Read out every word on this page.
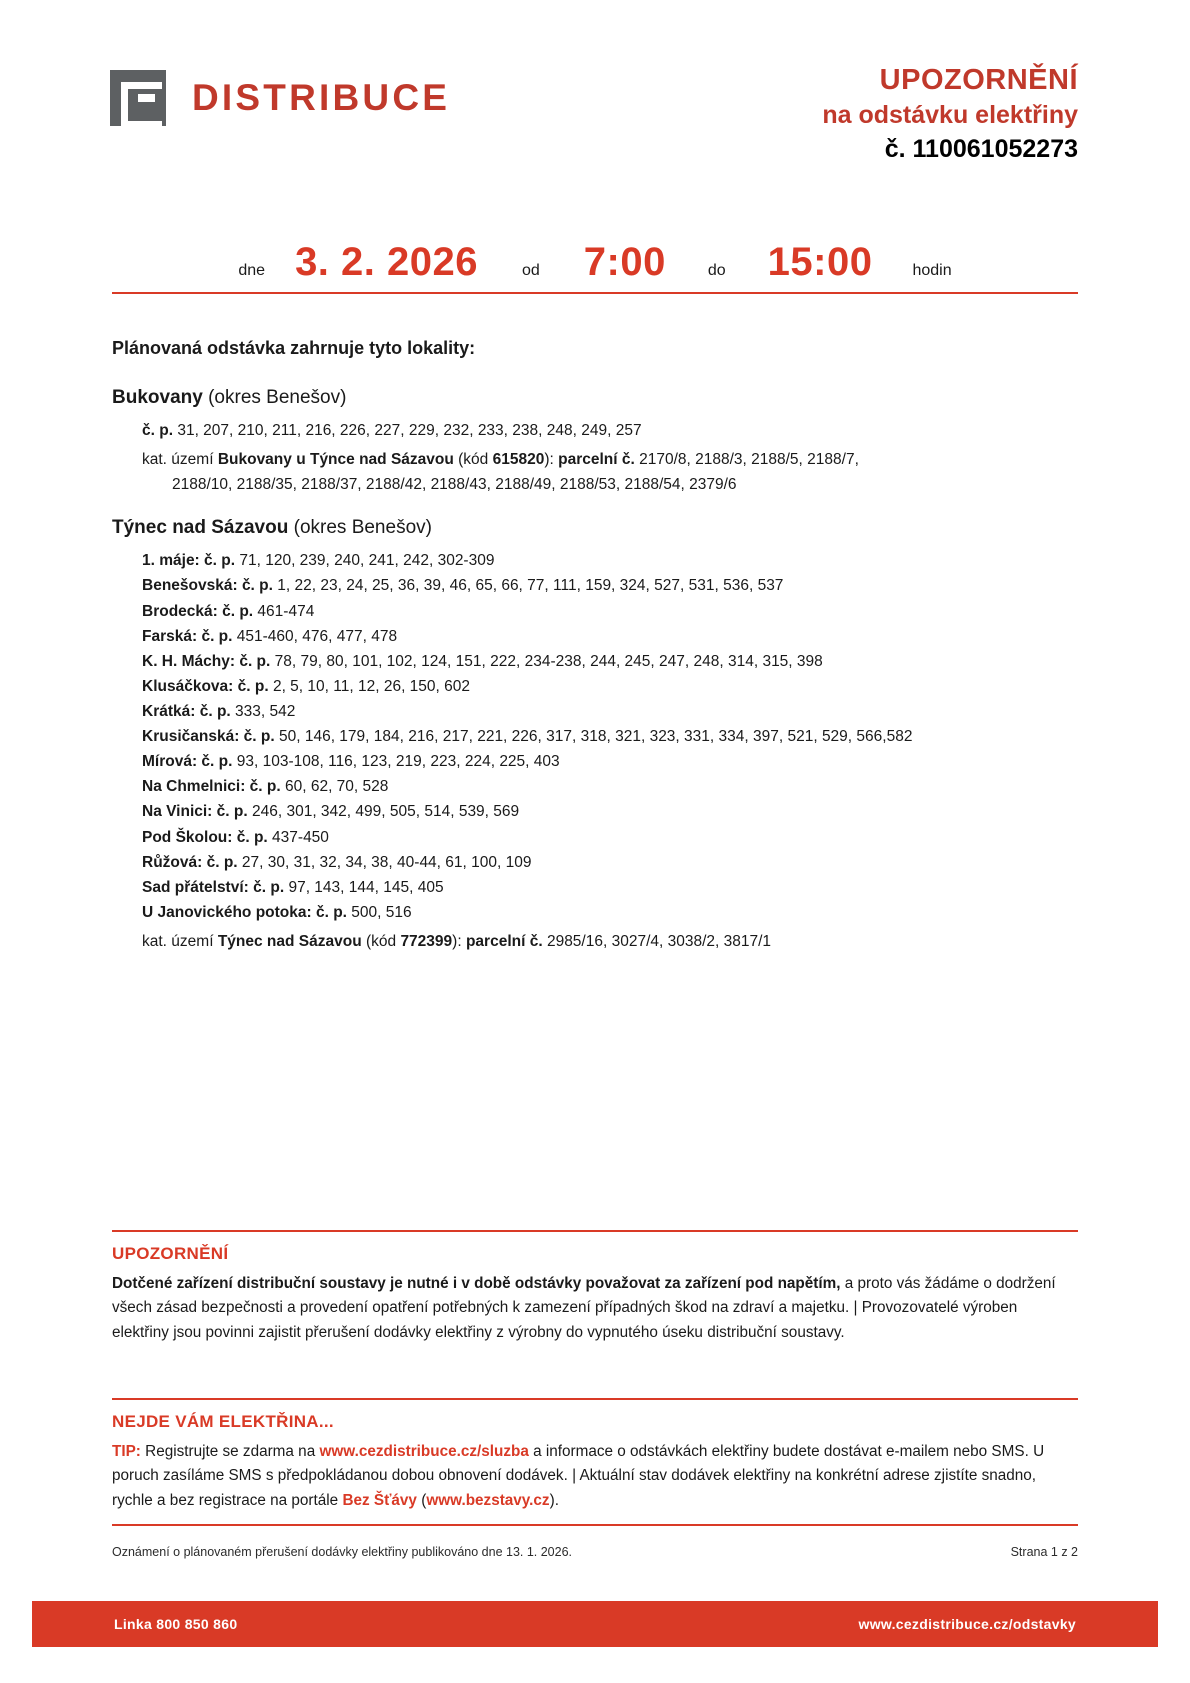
DISTRIBUCE	UPOZORNĚNÍ
na odstávku elektřiny
č. 110061052273
dne 3. 2. 2026	od 7:00	do 15:00	hodin
Plánovaná odstávka zahrnuje tyto lokality:
Bukovany (okres Benešov)
č. p. 31, 207, 210, 211, 216, 226, 227, 229, 232, 233, 238, 248, 249, 257
kat. území Bukovany u Týnce nad Sázavou (kód 615820): parcelní č. 2170/8, 2188/3, 2188/5, 2188/7,
2188/10, 2188/35, 2188/37, 2188/42, 2188/43, 2188/49, 2188/53, 2188/54, 2379/6
Týnec nad Sázavou (okres Benešov)
1. máje: č. p. 71, 120, 239, 240, 241, 242, 302-309
Benešovská: č. p. 1, 22, 23, 24, 25, 36, 39, 46, 65, 66, 77, 111, 159, 324, 527, 531, 536, 537
Brodecká: č. p. 461-474
Farská: č. p. 451-460, 476, 477, 478
K. H. Máchy: č. p. 78, 79, 80, 101, 102, 124, 151, 222, 234-238, 244, 245, 247, 248, 314, 315, 398
Klusáčkova: č. p. 2, 5, 10, 11, 12, 26, 150, 602
Krátká: č. p. 333, 542
Krusičanská: č. p. 50, 146, 179, 184, 216, 217, 221, 226, 317, 318, 321, 323, 331, 334, 397, 521, 529, 566,582
Mírová: č. p. 93, 103-108, 116, 123, 219, 223, 224, 225, 403
Na Chmelnici: č. p. 60, 62, 70, 528
Na Vinici: č. p. 246, 301, 342, 499, 505, 514, 539, 569
Pod Školou: č. p. 437-450
Růžová: č. p. 27, 30, 31, 32, 34, 38, 40-44, 61, 100, 109
Sad přátelství: č. p. 97, 143, 144, 145, 405
U Janovického potoka: č. p. 500, 516
kat. území Týnec nad Sázavou (kód 772399): parcelní č. 2985/16, 3027/4, 3038/2, 3817/1
UPOZORNĚNÍ
Dotčené zařízení distribuční soustavy je nutné i v době odstávky považovat za zařízení pod napětím, a proto vás žádáme o dodržení všech zásad bezpečnosti a provedení opatření potřebných k zamezení případných škod na zdraví a majetku. | Provozovatelé výroben elektřiny jsou povinni zajistit přerušení dodávky elektřiny z výrobny do vypnutého úseku distribuční soustavy.
NEJDE VÁM ELEKTŘINA...
TIP: Registrujte se zdarma na www.cezdistribuce.cz/sluzba a informace o odstávkách elektřiny budete dostávat e-mailem nebo SMS. U poruch zasíláme SMS s předpokládanou dobou obnovení dodávek. | Aktuální stav dodávek elektřiny na konkrétní adrese zjistíte snadno, rychle a bez registrace na portále Bez Šťávy (www.bezstavy.cz).
Oznámení o plánovaném přerušení dodávky elektřiny publikováno dne 13. 1. 2026.	Strana 1 z 2
Linka 800 850 860	www.cezdistribuce.cz/odstavky
